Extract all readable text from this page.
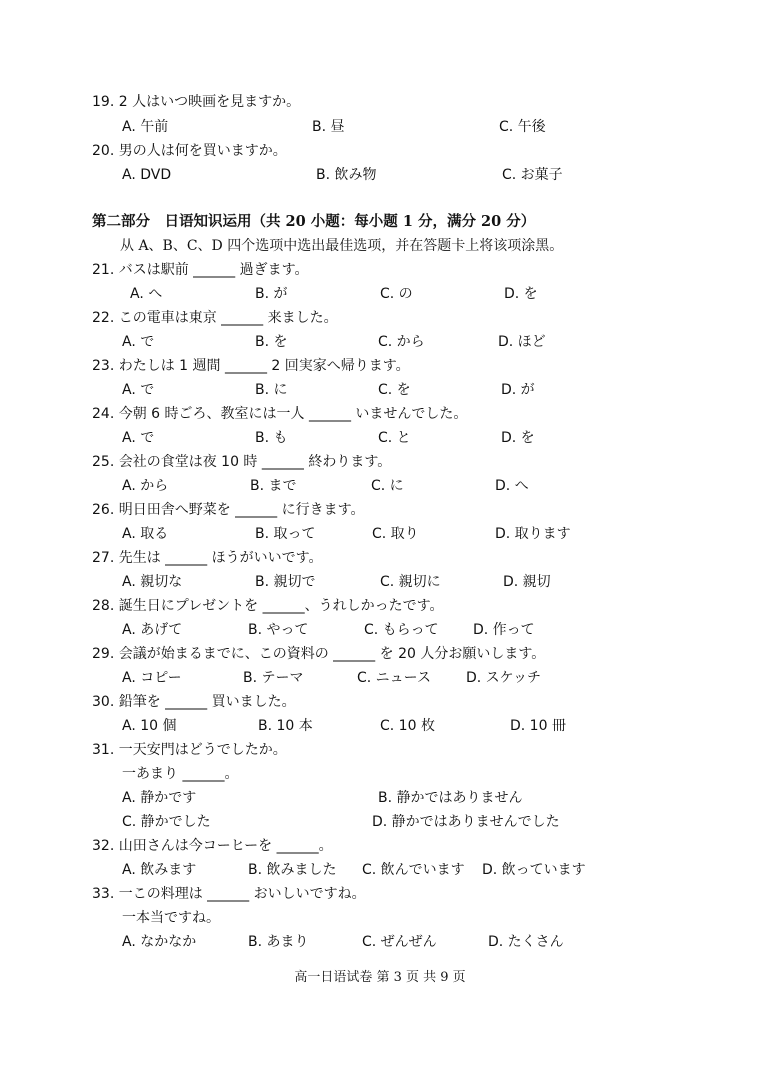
19. 2 人はいつ映画を見ますか。
A. 午前	B. 昼	C. 午後
20. 男の人は何を買いますか。
A. DVD	B. 飲み物	C. お菓子
第二部分　日语知识运用（共 20 小题：每小题 1 分，满分 20 分）
从 A、B、C、D 四个选项中选出最佳选项，并在答题卡上将该项涂黑。
21. バスは駅前 ______ 過ぎます。
A. へ	B. が	C. の	D. を
22. この電車は東京 ______ 来ました。
A. で	B. を	C. から	D. ほど
23. わたしは 1 週間 ______ 2 回実家へ帰ります。
A. で	B. に	C. を	D. が
24. 今朝 6 時ごろ、教室には一人 ______ いませんでした。
A. で	B. も	C. と	D. を
25. 会社の食堂は夜 10 時 ______ 終わります。
A. から	B. まで	C. に	D. へ
26. 明日田舎へ野菜を ______ に行きます。
A. 取る	B. 取って	C. 取り	D. 取ります
27. 先生は ______ ほうがいいです。
A. 親切な	B. 親切で	C. 親切に	D. 親切
28. 誕生日にプレゼントを ______、うれしかったです。
A. あげて	B. やって	C. もらって D. 作って
29. 会議が始まるまでに、この資料の ______ を 20 人分お願いします。
A. コピー	B. テーマ	C. ニュース	D. スケッチ
30. 鉛筆を ______ 買いました。
A. 10 個	B. 10 本	C. 10 枚	D. 10 冊
31. 一天安門はどうでしたか。
一あまり ______。
A. 静かです	B. 静かではありません
C. 静かでした	D. 静かではありませんでした
32. 山田さんは今コーヒーを ______。
A. 飲みます	B. 飲みました C. 飲んでいます D. 飲っています
33. 一この料理は ______ おいしいですね。
一本当ですね。
A. なかなか	B. あまり	C. ぜんぜん	D. たくさん
高一日语试卷 第 3 页 共 9 页
